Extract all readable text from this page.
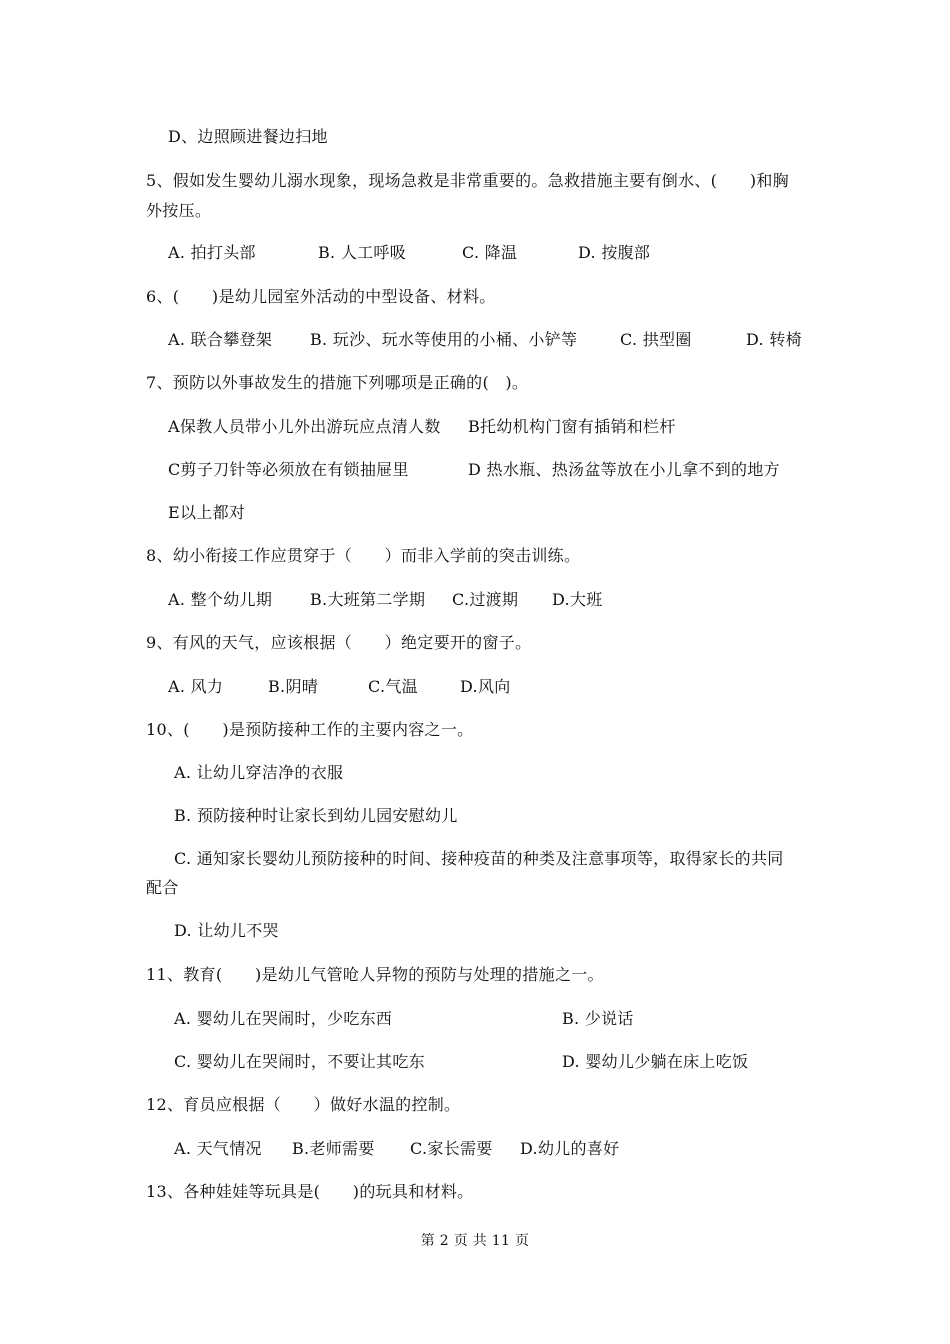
D、边照顾进餐边扫地
5、假如发生婴幼儿溺水现象，现场急救是非常重要的。急救措施主要有倒水、(　　)和胸
外按压。
A. 拍打头部	B. 人工呼吸	C. 降温	D. 按腹部
6、(　　)是幼儿园室外活动的中型设备、材料。
A. 联合攀登架 B. 玩沙、玩水等使用的小桶、小铲等	C. 拱型圈	D. 转椅
7、预防以外事故发生的措施下列哪项是正确的(　)。
A保教人员带小儿外出游玩应点清人数 B托幼机构门窗有插销和栏杆
C剪子刀针等必须放在有锁抽屉里	D 热水瓶、热汤盆等放在小儿拿不到的地方
E以上都对
8、幼小衔接工作应贯穿于（　　）而非入学前的突击训练。
A. 整个幼儿期 B.大班第二学期 C.过渡期 D.大班
9、有风的天气，应该根据（　　）绝定要开的窗子。
A. 风力	B.阴晴	C.气温	D.风向
10、(　　)是预防接种工作的主要内容之一。
A. 让幼儿穿洁净的衣服
B. 预防接种时让家长到幼儿园安慰幼儿
C. 通知家长婴幼儿预防接种的时间、接种疫苗的种类及注意事项等，取得家长的共同
配合
D. 让幼儿不哭
11、教育(　　)是幼儿气管呛人异物的预防与处理的措施之一。
A. 婴幼儿在哭闹时，少吃东西	B. 少说话
C. 婴幼儿在哭闹时，不要让其吃东	D. 婴幼儿少躺在床上吃饭
12、育员应根据（　　）做好水温的控制。
A. 天气情况 B.老师需要 C.家长需要 D.幼儿的喜好
13、各种娃娃等玩具是(　　)的玩具和材料。
第 2 页 共 11 页
